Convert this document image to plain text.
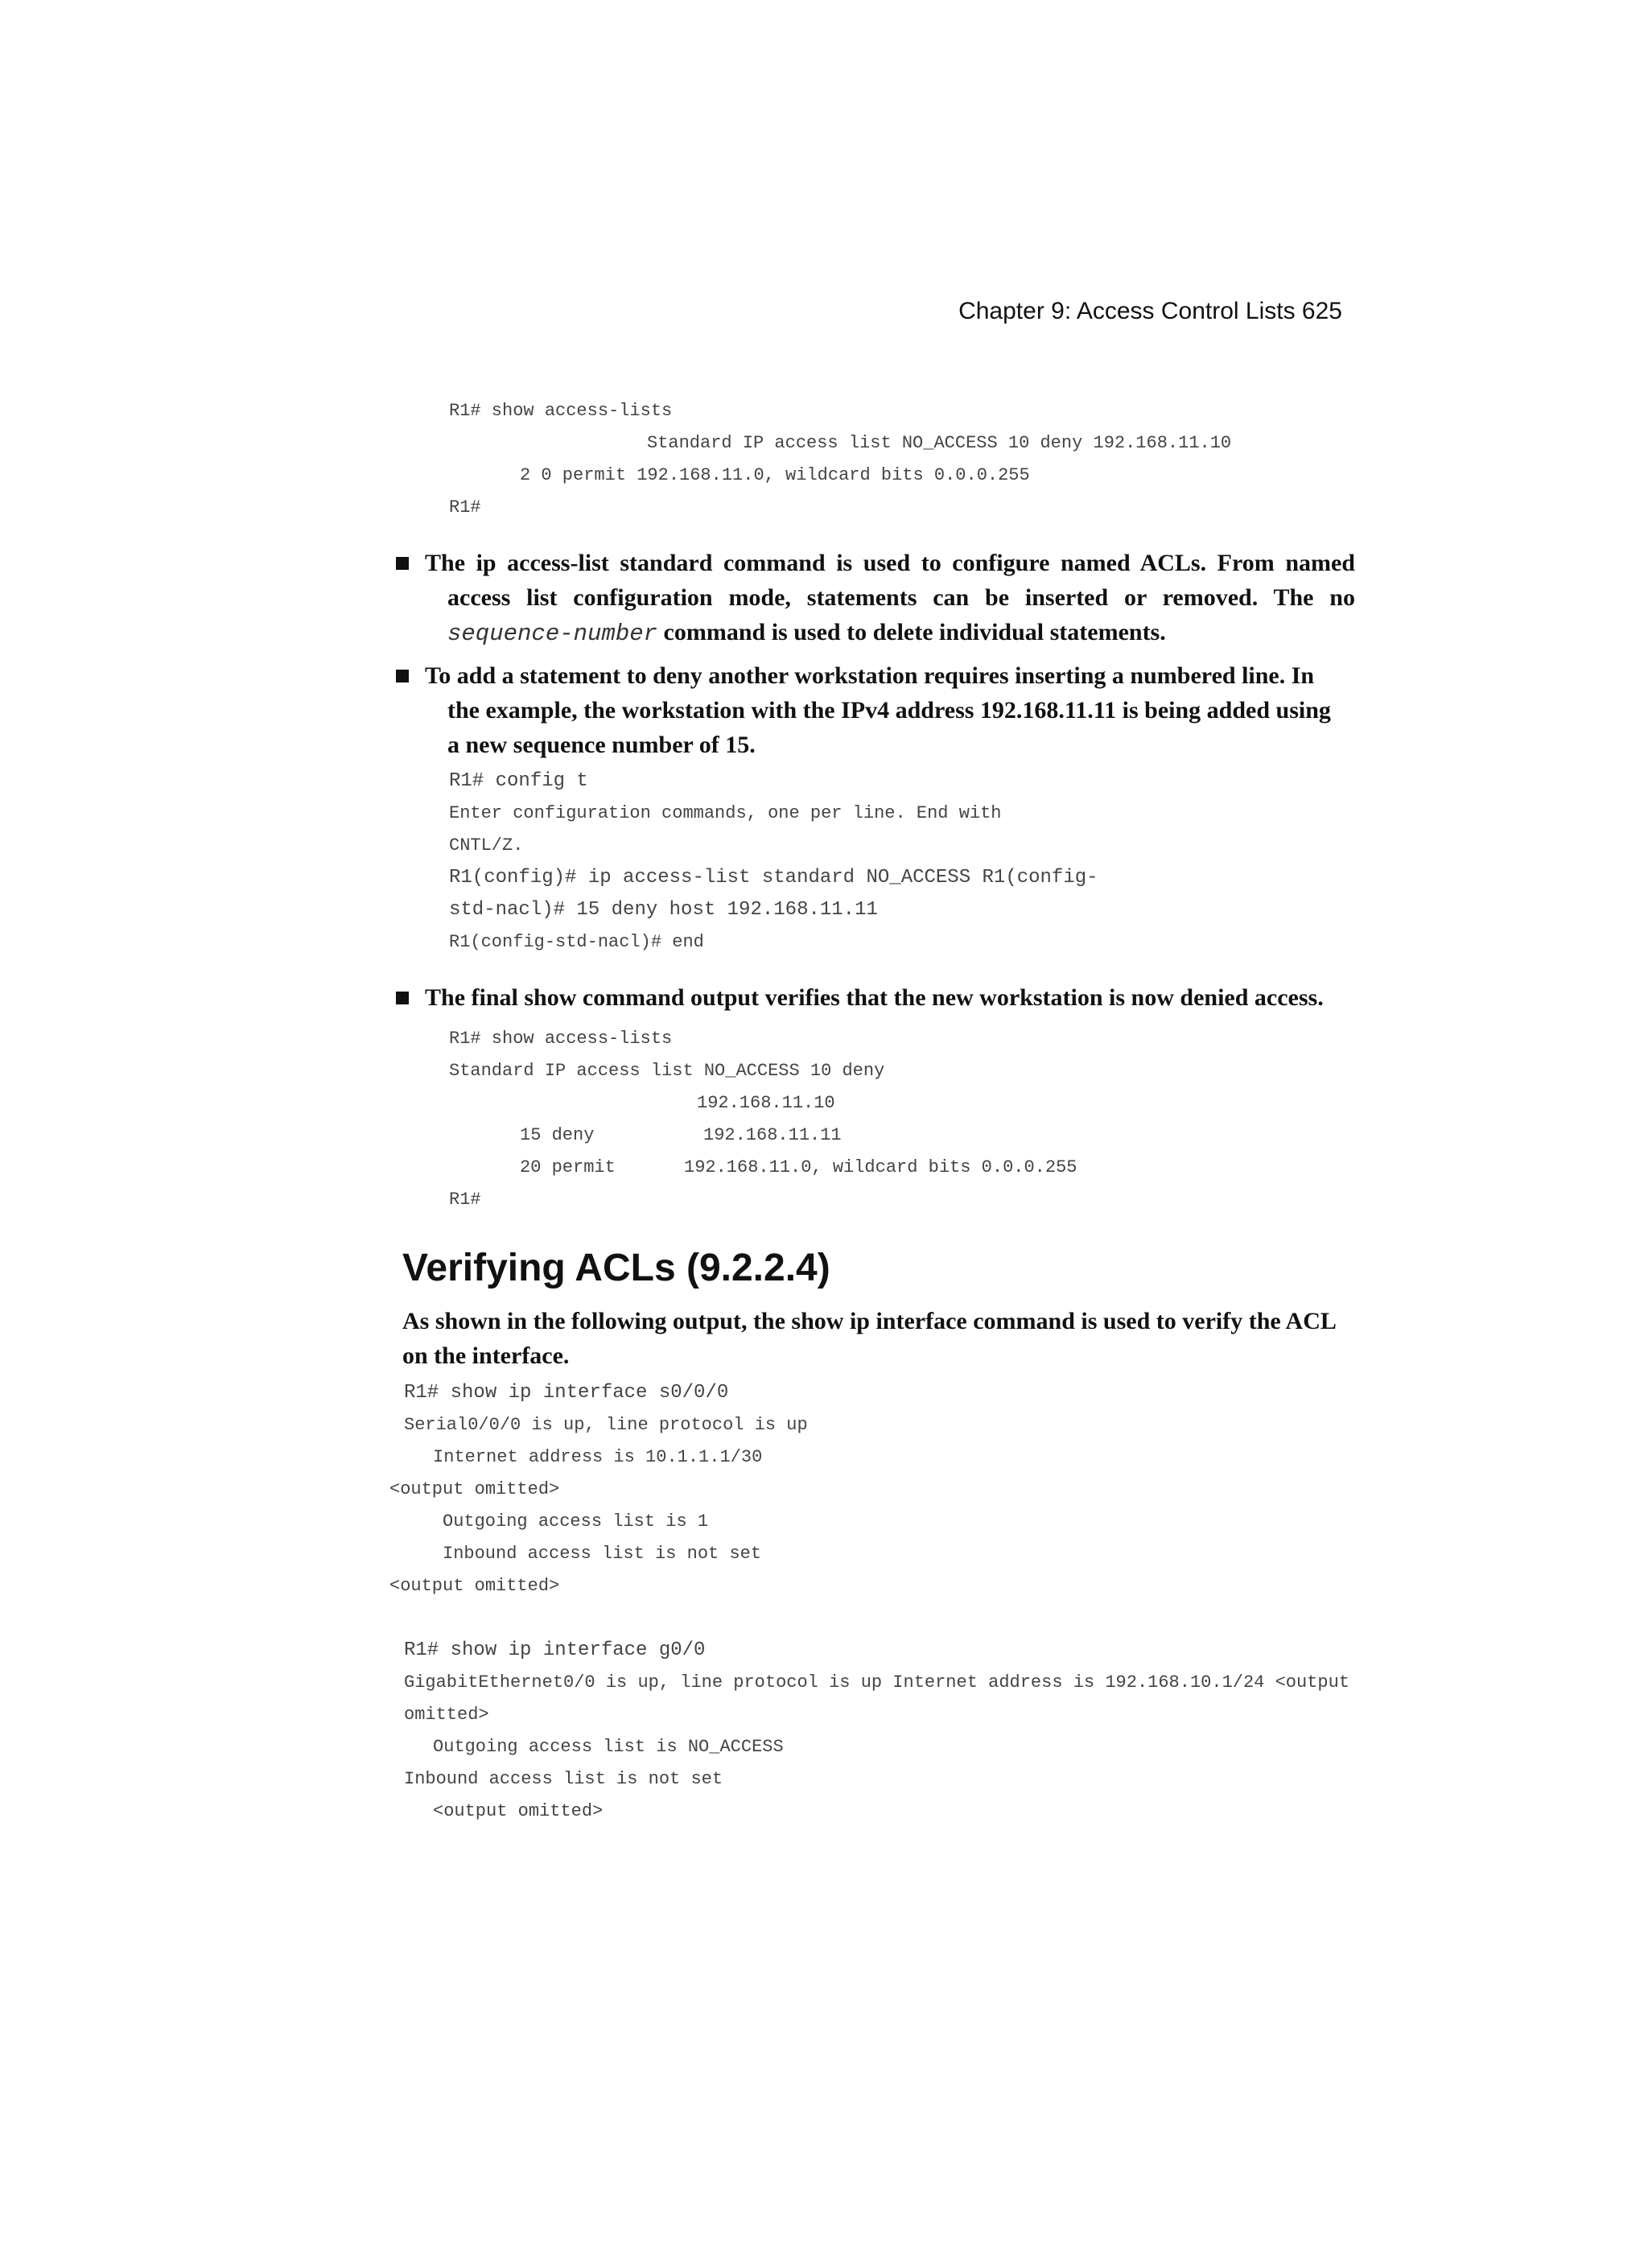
Chapter 9: Access Control Lists 625
R1# show access-lists
Standard IP access list NO_ACCESS 10 deny 192.168.11.10
2 0 permit 192.168.11.0, wildcard bits 0.0.0.255
R1#
The ip access-list standard command is used to configure named ACLs. From named
access list configuration mode, statements can be inserted or removed. The no
sequence-number command is used to delete individual statements.
To add a statement to deny another workstation requires inserting a numbered line. In
the example, the workstation with the IPv4 address 192.168.11.11 is being added using
a new sequence number of 15.
R1# config t
Enter configuration commands, one per line. End with
CNTL/Z.
R1(config)# ip access-list standard NO_ACCESS R1(config-
std-nacl)# 15 deny host 192.168.11.11
R1(config-std-nacl)# end
The final show command output verifies that the new workstation is now denied access.
R1# show access-lists
Standard IP access list NO_ACCESS 10 deny
192.168.11.10
15 deny	192.168.11.11
20 permit	192.168.11.0, wildcard bits 0.0.0.255
R1#
Verifying ACLs (9.2.2.4)
As shown in the following output, the show ip interface command is used to verify the ACL
on the interface.
R1# show ip interface s0/0/0
Serial0/0/0 is up, line protocol is up
Internet address is 10.1.1.1/30
<output omitted>
Outgoing access list is 1
Inbound access list is not set
<output omitted>
R1# show ip interface g0/0
GigabitEthernet0/0 is up, line protocol is up Internet address is 192.168.10.1/24 <output
omitted>
Outgoing access list is NO_ACCESS
Inbound access list is not set
<output omitted>
